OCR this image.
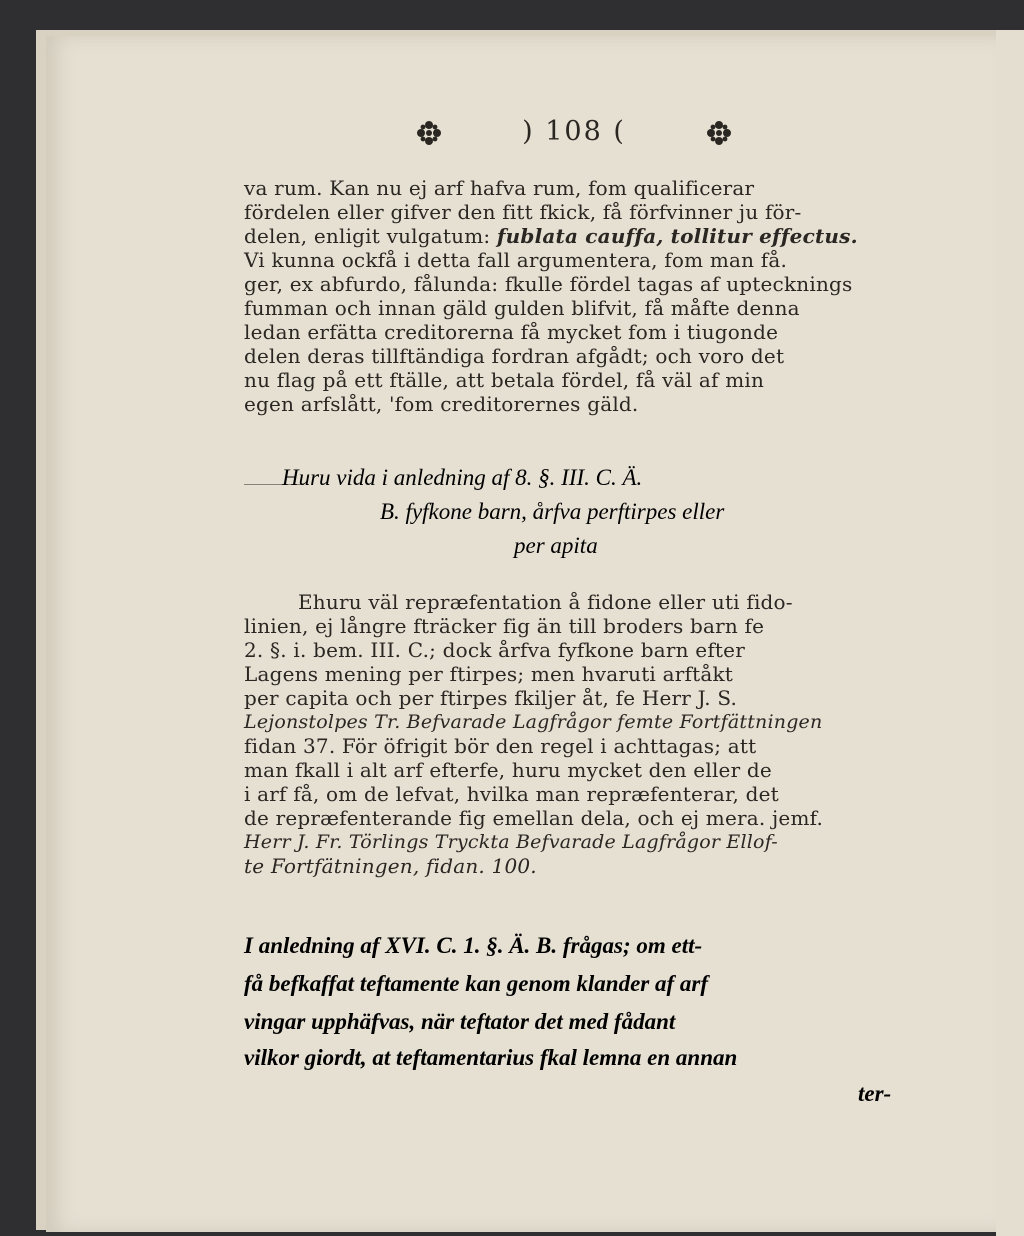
) 108 (
va rum. Kan nu ej arf hafva rum, fom qualificerar
fördelen eller gifver den fitt fkick, få förfvinner ju för-
delen, enligit vulgatum: fublata cauffa, tollitur effectus.
Vi kunna ockfå i detta fall argumentera, fom man få.
ger, ex abfurdo, fålunda: fkulle fördel tagas af uptecknings
fumman och innan gäld gulden blifvit, få måfte denna
ledan erfätta creditorerna få mycket fom i tiugonde
delen deras tillftändiga fordran afgådt; och voro det
nu flag på ett ftälle, att betala fördel, få väl af min
egen arfslått, 'fom creditorernes gäld.
Huru vida i anledning af 8. §. III. C. Ä.
B. fyfkone barn, årfva perftirpes eller
per apita
Ehuru väl repræfentation å fidone eller uti fido-
linien, ej långre fträcker fig än till broders barn fe
2. §. i. bem. III. C.; dock årfva fyfkone barn efter
Lagens mening per ftirpes; men hvaruti arftåkt
per capita och per ftirpes fkiljer åt, fe Herr J. S.
Lejonstolpes Tr. Befvarade Lagfrågor femte Fortfättningen
fidan 37. För öfrigit bör den regel i achttagas; att
man fkall i alt arf efterfe, huru mycket den eller de
i arf få, om de lefvat, hvilka man repræfenterar, det
de repræfenterande fig emellan dela, och ej mera. jemf.
Herr J. Fr. Törlings Tryckta Befvarade Lagfrågor Ellof-
te Fortfätningen, fidan. 100.
I anledning af XVI. C. 1. §. Ä. B. frågas; om ett-
få befkaffat teftamente kan genom klander af arf
vingar upphäfvas, när teftator det med fådant
vilkor giordt, at teftamentarius fkal lemna en annan
ter-
